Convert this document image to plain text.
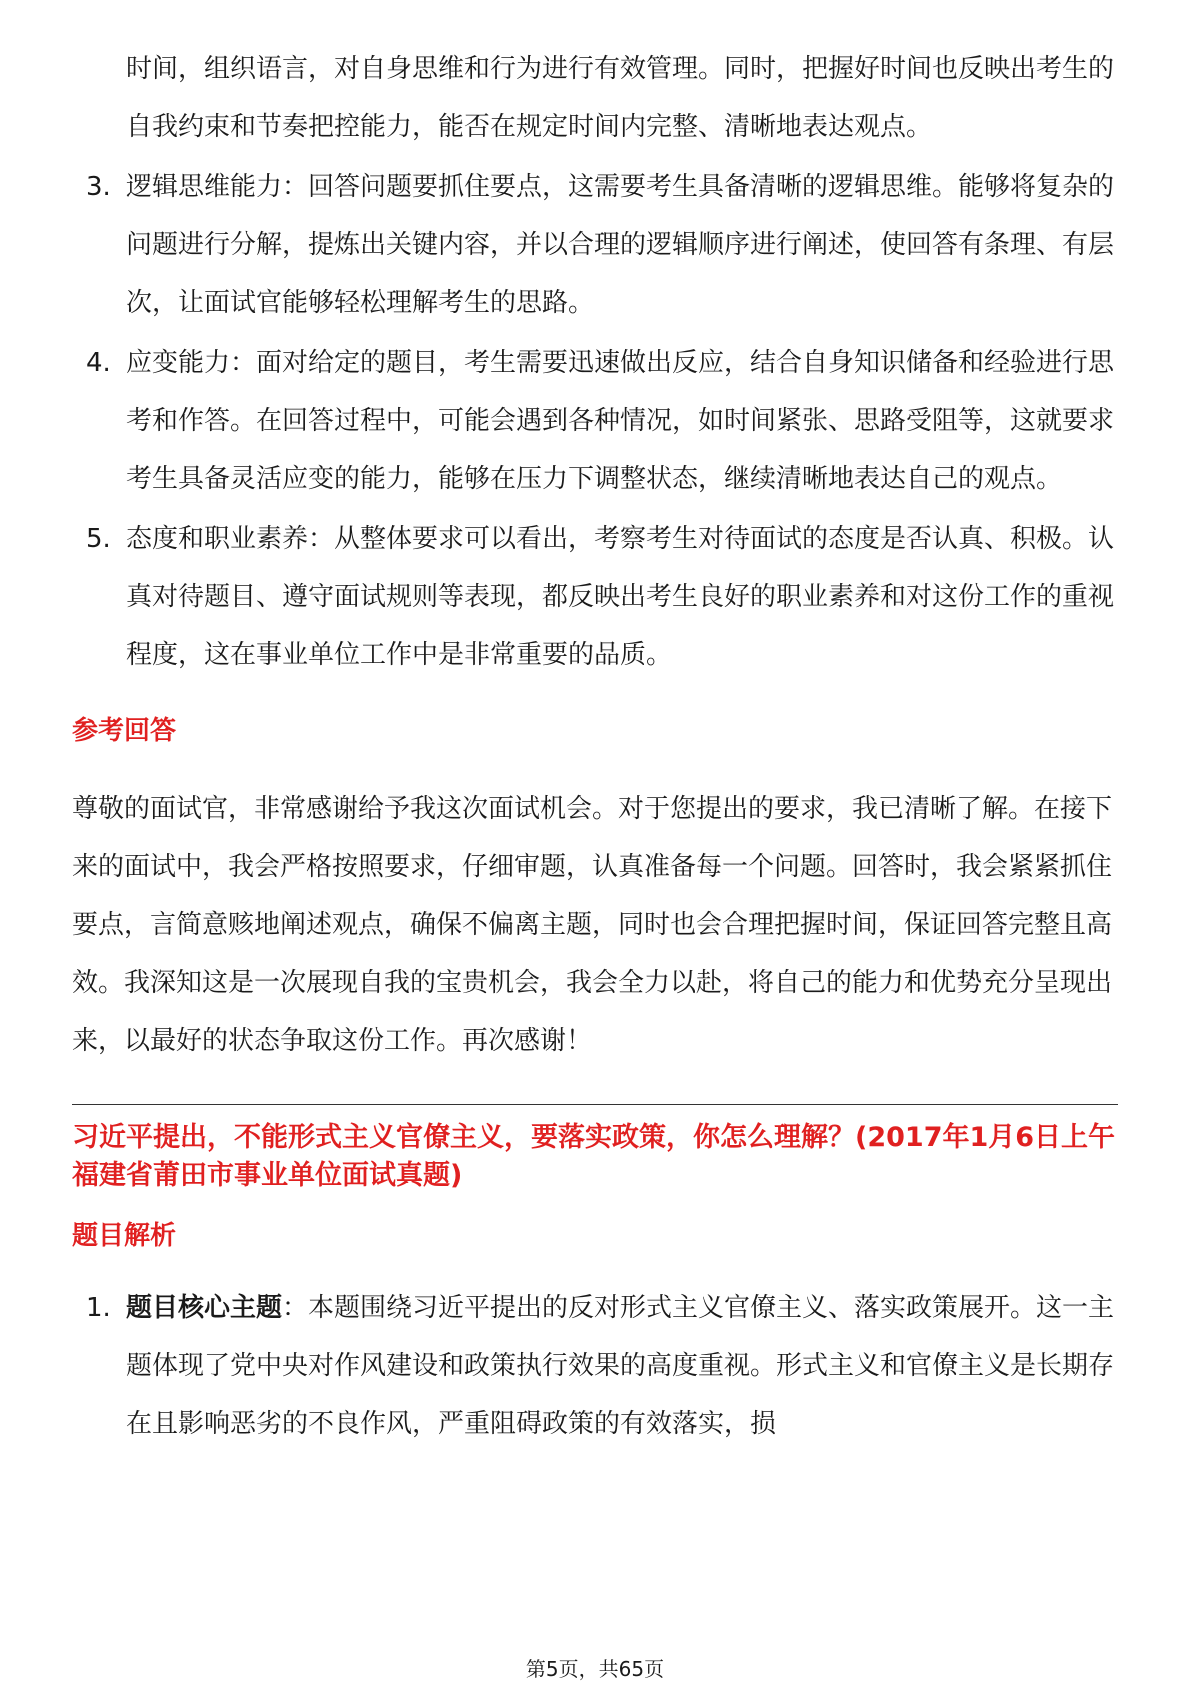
时间，组织语言，对自身思维和行为进行有效管理。同时，把握好时间也反映出考生的自我约束和节奏把控能力，能否在规定时间内完整、清晰地表达观点。
3. 逻辑思维能力：回答问题要抓住要点，这需要考生具备清晰的逻辑思维。能够将复杂的问题进行分解，提炼出关键内容，并以合理的逻辑顺序进行阐述，使回答有条理、有层次，让面试官能够轻松理解考生的思路。
4. 应变能力：面对给定的题目，考生需要迅速做出反应，结合自身知识储备和经验进行思考和作答。在回答过程中，可能会遇到各种情况，如时间紧张、思路受阻等，这就要求考生具备灵活应变的能力，能够在压力下调整状态，继续清晰地表达自己的观点。
5. 态度和职业素养：从整体要求可以看出，考察考生对待面试的态度是否认真、积极。认真对待题目、遵守面试规则等表现，都反映出考生良好的职业素养和对这份工作的重视程度，这在事业单位工作中是非常重要的品质。
参考回答

尊敬的面试官，非常感谢给予我这次面试机会。对于您提出的要求，我已清晰了解。在接下来的面试中，我会严格按照要求，仔细审题，认真准备每一个问题。回答时，我会紧紧抓住要点，言简意赅地阐述观点，确保不偏离主题，同时也会合理把握时间，保证回答完整且高效。我深知这是一次展现自我的宝贵机会，我会全力以赴，将自己的能力和优势充分呈现出来，以最好的状态争取这份工作。再次感谢！

习近平提出，不能形式主义官僚主义，要落实政策，你怎么理解？(2017年1月6日上午福建省莆田市事业单位面试真题)
题目解析
1. 题目核心主题：本题围绕习近平提出的反对形式主义官僚主义、落实政策展开。这一主题体现了党中央对作风建设和政策执行效果的高度重视。形式主义和官僚主义是长期存在且影响恶劣的不良作风，严重阻碍政策的有效落实，损
第5页，共65页
